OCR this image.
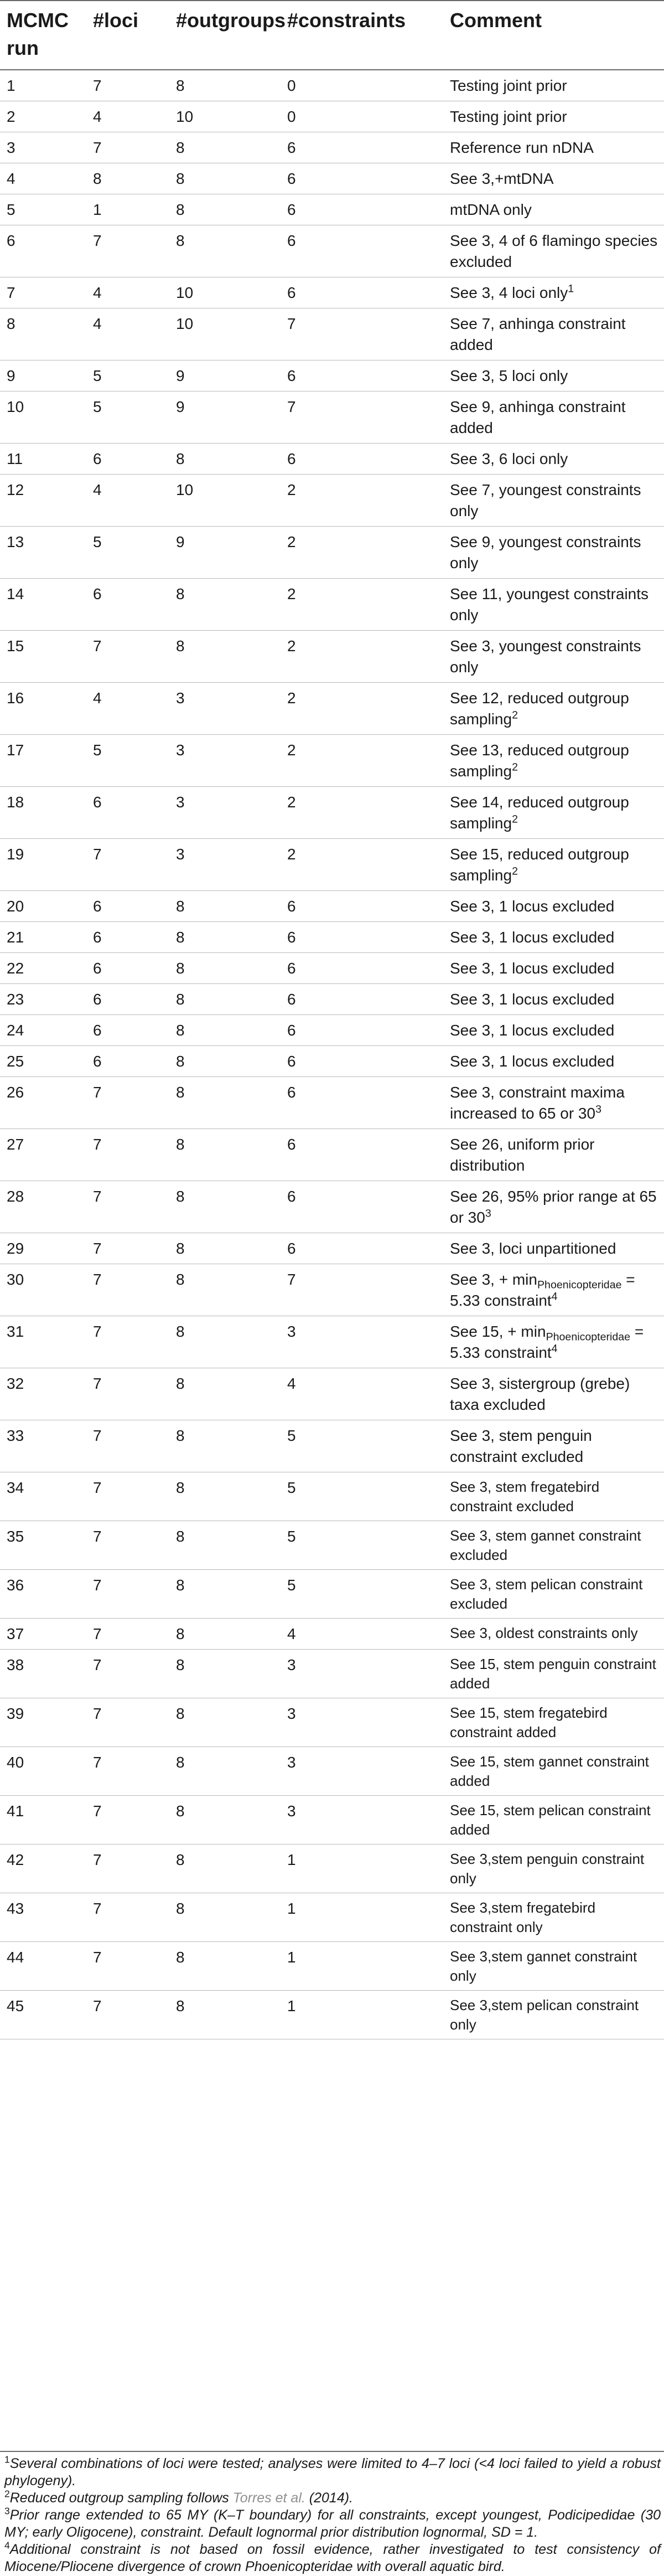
MCMC run	#loci	#outgroups	#constraints	Comment
1	7	8	0	Testing joint prior
2	4	10	0	Testing joint prior
3	7	8	6	Reference run nDNA
4	8	8	6	See 3,+mtDNA
5	1	8	6	mtDNA only
6	7	8	6	See 3, 4 of 6 flamingo species excluded
7	4	10	6	See 3, 4 loci only$^1$
8	4	10	7	See 7, anhinga constraint added
9	5	9	6	See 3, 5 loci only
10	5	9	7	See 9, anhinga constraint added
11	6	8	6	See 3, 6 loci only
12	4	10	2	See 7, youngest constraints only
13	5	9	2	See 9, youngest constraints only
14	6	8	2	See 11, youngest constraints only
15	7	8	2	See 3, youngest constraints only
16	4	3	2	See 12, reduced outgroup sampling$^2$
17	5	3	2	See 13, reduced outgroup sampling$^2$
18	6	3	2	See 14, reduced outgroup sampling$^2$
19	7	3	2	See 15, reduced outgroup sampling$^2$
20	6	8	6	See 3, 1 locus excluded
21	6	8	6	See 3, 1 locus excluded
22	6	8	6	See 3, 1 locus excluded
23	6	8	6	See 3, 1 locus excluded
24	6	8	6	See 3, 1 locus excluded
25	6	8	6	See 3, 1 locus excluded
26	7	8	6	See 3, constraint maxima increased to 65 or $30^3$
27	7	8	6	See 26, uniform prior distribution
28	7	8	6	See 26, 95% prior range at 65 or $30^3$
29	7	8	6	See 3, loci unpartitioned
30	7	8	7	See 3, + $\min_{Phoenicopteridae} = 5.33$ constraint$^4$
31	7	8	3	See 15, + $\min_{Phoenicopteridae} = 5.33$ constraint$^4$
32	7	8	4	See 3, sistergroup (grebe) taxa excluded
33	7	8	5	See 3, stem penguin constraint excluded
34	7	8	5	See 3, stem fregatebird constraint excluded
35	7	8	5	See 3, stem gannet constraint excluded
36	7	8	5	See 3, stem pelican constraint excluded
37	7	8	4	See 3, oldest constraints only
38	7	8	3	See 15, stem penguin constraint added
39	7	8	3	See 15, stem fregatebird constraint added
40	7	8	3	See 15, stem gannet constraint added
41	7	8	3	See 15, stem pelican constraint added
42	7	8	1	See 3,stem penguin constraint only
43	7	8	1	See 3,stem fregatebird constraint only
44	7	8	1	See 3,stem gannet constraint only
45	7	8	1	See 3,stem pelican constraint only

$^1$Several combinations of loci were tested; analyses were limited to 4–7 loci (<4 loci failed to yield a robust phylogeny).

$^2$Reduced outgroup sampling follows Torres et al. (2014).

$^3$Prior range extended to 65 MY (K–T boundary) for all constraints, except youngest, Podicipedidae (30 MY; early Oligocene), constraint. Default lognormal prior distribution lognormal, SD = 1.

$^4$Additional constraint is not based on fossil evidence, rather investigated to test consistency of Miocene/Pliocene divergence of crown Phoenicopteridae with overall aquatic bird.
